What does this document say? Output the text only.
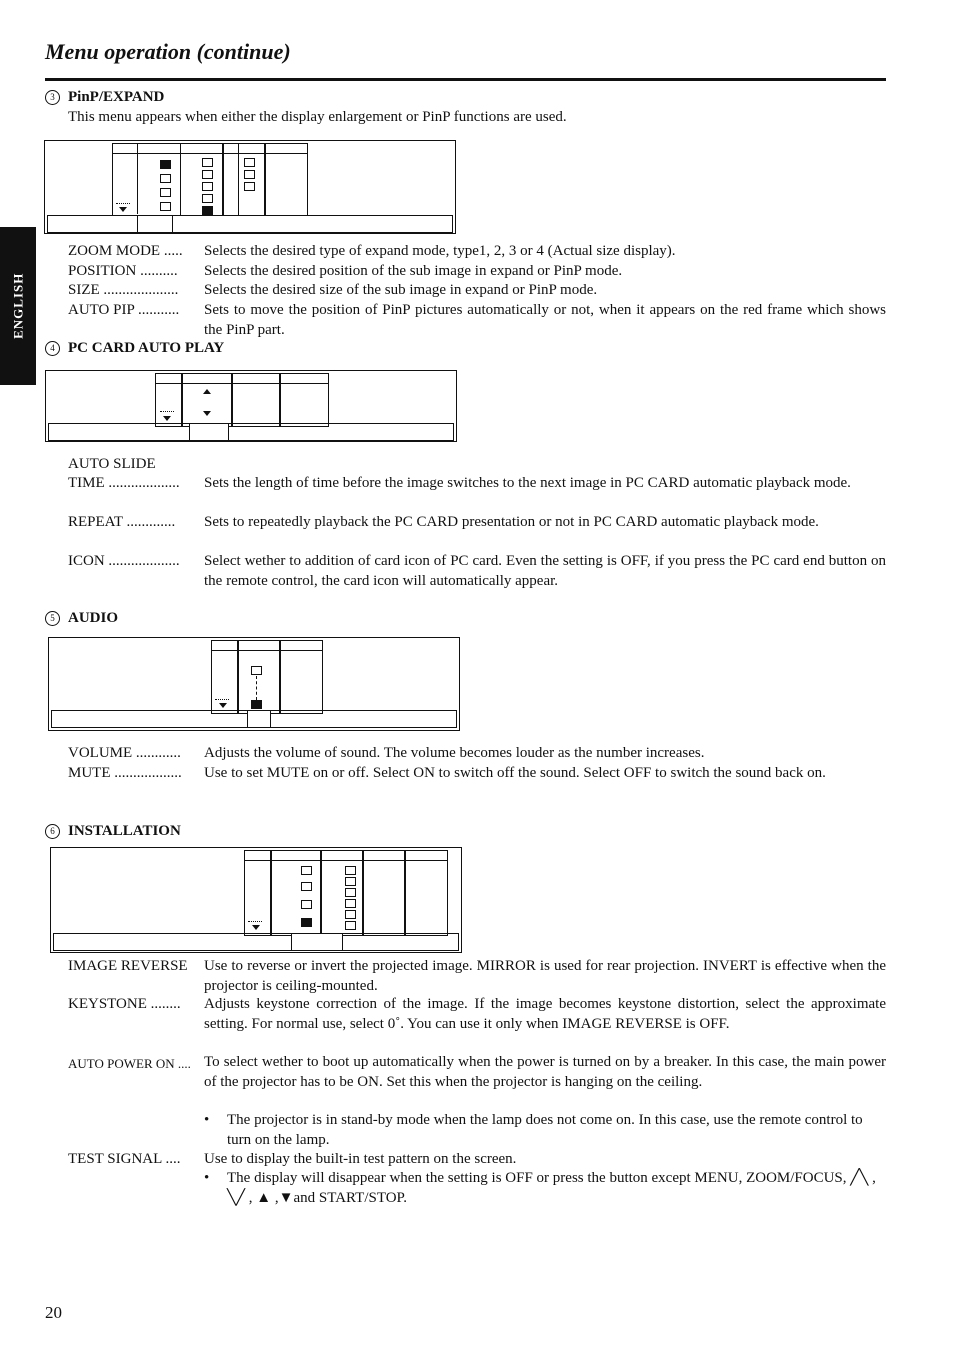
Menu operation (continue)
ENGLISH
3 PinP/EXPAND
This menu appears when either the display enlargement or PinP functions are used.
ZOOM MODE ..... Selects the desired type of expand mode, type1, 2, 3 or 4 (Actual size display).
POSITION .......... Selects the desired position of the sub image in expand or PinP mode.
SIZE .................... Selects the desired size of the sub image in expand or PinP mode.
AUTO PIP ........... Sets to move the position of PinP pictures automatically or not, when it appears on the red frame which shows the PinP part.
4 PC CARD AUTO PLAY
AUTO SLIDE
TIME ................... Sets the length of time before the image switches to the next image in PC CARD automatic playback mode.
REPEAT ............. Sets to repeatedly playback the PC CARD presentation or not in PC CARD automatic playback mode.
ICON ................... Select wether to addition of card icon of PC card. Even the setting is OFF, if you press the PC card end button on the remote control, the card icon will automatically appear.
5 AUDIO
VOLUME ............ Adjusts the volume of sound. The volume becomes louder as the number increases.
MUTE .................. Use to set MUTE on or off. Select ON to switch off the sound. Select OFF to switch the sound back on.
6 INSTALLATION
IMAGE REVERSE Use to reverse or invert the projected image. MIRROR is used for rear projection. INVERT is effective when the projector is ceiling-mounted.
KEYSTONE ........ Adjusts keystone correction of the image. If the image becomes keystone distortion, select the approximate setting. For normal use, select 0˚. You can use it only when IMAGE REVERSE is OFF.
AUTO POWER ON .... To select wether to boot up automatically when the power is turned on by a breaker. In this case, the main power of the projector has to be ON. Set this when the projector is hanging on the ceiling.
• The projector is in stand-by mode when the lamp does not come on. In this case, use the remote control to turn on the lamp.
TEST SIGNAL .... Use to display the built-in test pattern on the screen.
• The display will disappear when the setting is OFF or press the button except MENU, ZOOM/FOCUS, ╱╲ , ╲╱ , ▲ ,▼and START/STOP.
20
